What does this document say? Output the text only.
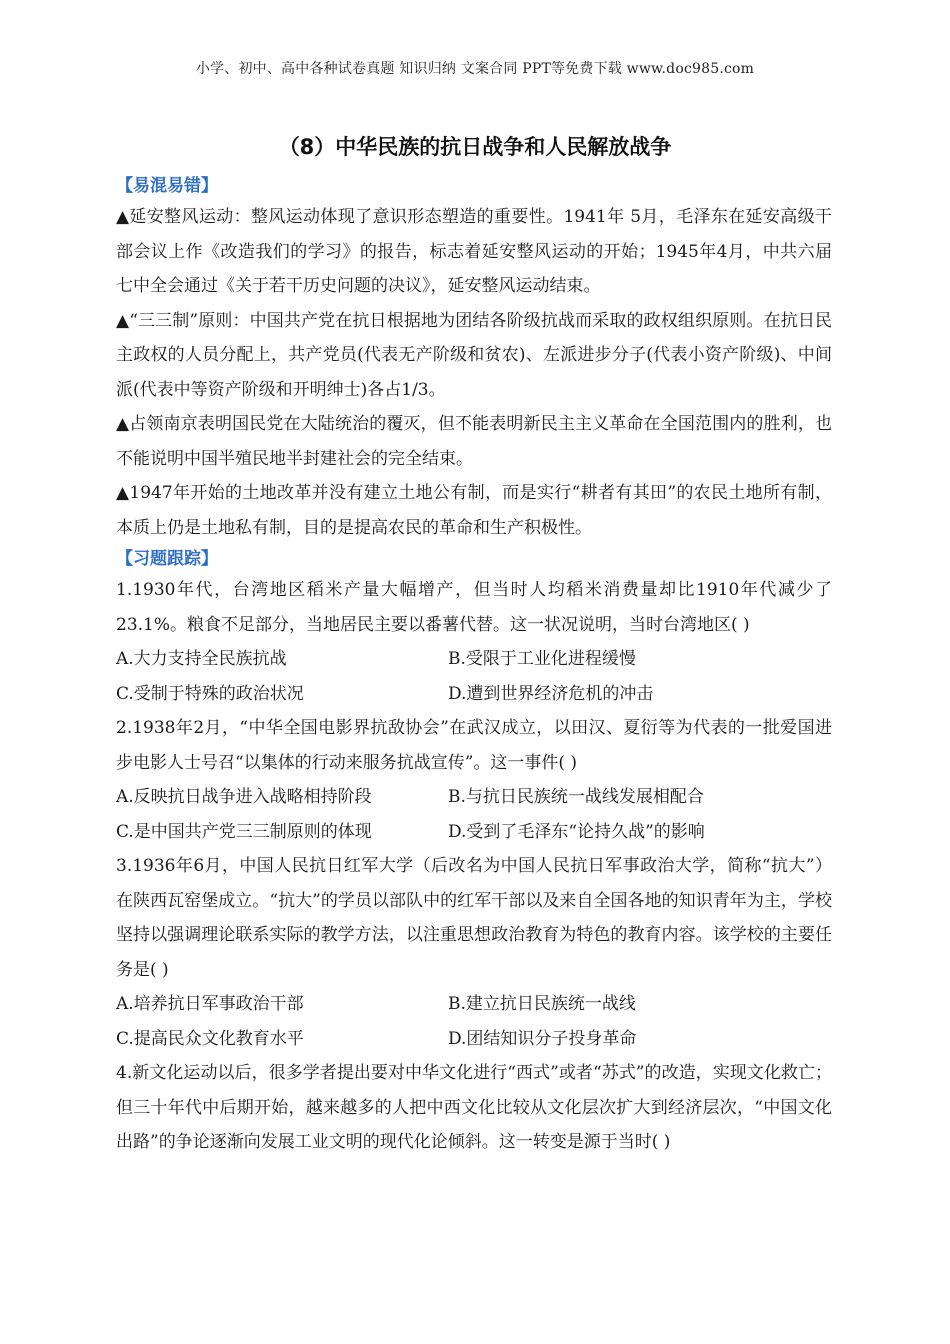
小学、初中、高中各种试卷真题 知识归纳 文案合同 PPT等免费下载 www.doc985.com
（8）中华民族的抗日战争和人民解放战争
【易混易错】

▲延安整风运动：整风运动体现了意识形态塑造的重要性。1941年 5月，毛泽东在延安高级干部会议上作《改造我们的学习》的报告，标志着延安整风运动的开始；1945年4月，中共六届七中全会通过《关于若干历史问题的决议》，延安整风运动结束。

▲“三三制”原则：中国共产党在抗日根据地为团结各阶级抗战而采取的政权组织原则。在抗日民主政权的人员分配上，共产党员(代表无产阶级和贫农)、左派进步分子(代表小资产阶级)、中间派(代表中等资产阶级和开明绅士)各占1/3。

▲占领南京表明国民党在大陆统治的覆灭，但不能表明新民主主义革命在全国范围内的胜利，也不能说明中国半殖民地半封建社会的完全结束。

▲1947年开始的土地改革并没有建立土地公有制，而是实行“耕者有其田”的农民土地所有制，本质上仍是土地私有制，目的是提高农民的革命和生产积极性。

【习题跟踪】

1.1930年代，台湾地区稻米产量大幅增产，但当时人均稻米消费量却比1910年代减少了23.1%。粮食不足部分，当地居民主要以番薯代替。这一状况说明，当时台湾地区( )

A.大力支持全民族抗战	B.受限于工业化进程缓慢
C.受制于特殊的政治状况	D.遭到世界经济危机的冲击

2.1938年2月，“中华全国电影界抗敌协会”在武汉成立，以田汉、夏衍等为代表的一批爱国进步电影人士号召“以集体的行动来服务抗战宣传”。这一事件( )

A.反映抗日战争进入战略相持阶段	B.与抗日民族统一战线发展相配合
C.是中国共产党三三制原则的体现	D.受到了毛泽东“论持久战”的影响

3.1936年6月，中国人民抗日红军大学（后改名为中国人民抗日军事政治大学，简称“抗大”）在陕西瓦窑堡成立。“抗大”的学员以部队中的红军干部以及来自全国各地的知识青年为主，学校坚持以强调理论联系实际的教学方法，以注重思想政治教育为特色的教育内容。该学校的主要任务是( )

A.培养抗日军事政治干部	B.建立抗日民族统一战线
C.提高民众文化教育水平	D.团结知识分子投身革命

4.新文化运动以后，很多学者提出要对中华文化进行“西式”或者“苏式”的改造，实现文化救亡；但三十年代中后期开始，越来越多的人把中西文化比较从文化层次扩大到经济层次，“中国文化出路”的争论逐渐向发展工业文明的现代化论倾斜。这一转变是源于当时( )
